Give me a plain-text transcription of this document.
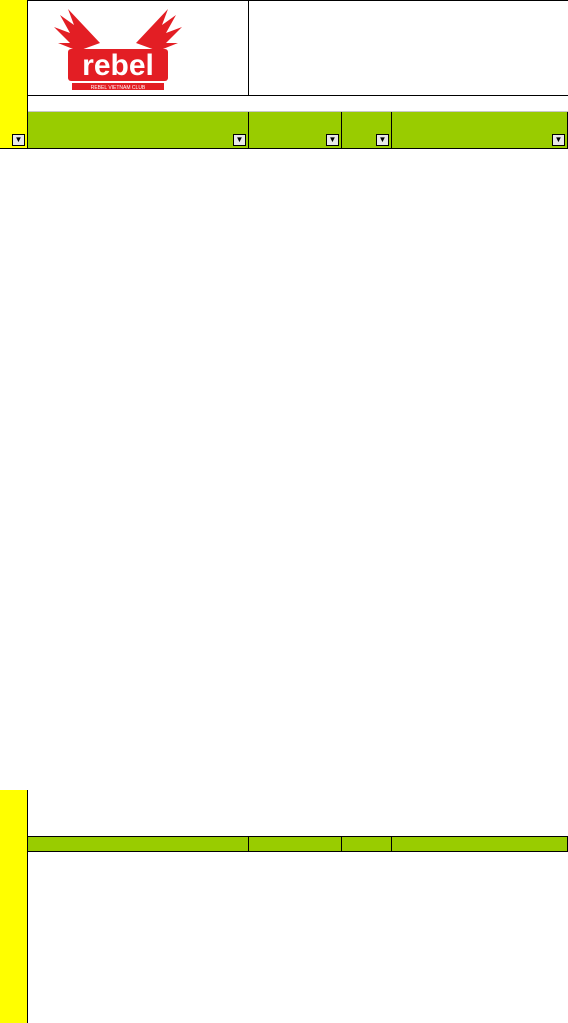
rebel
REBEL VIETNAM CLUB
▼	▼	▼	▼	▼
